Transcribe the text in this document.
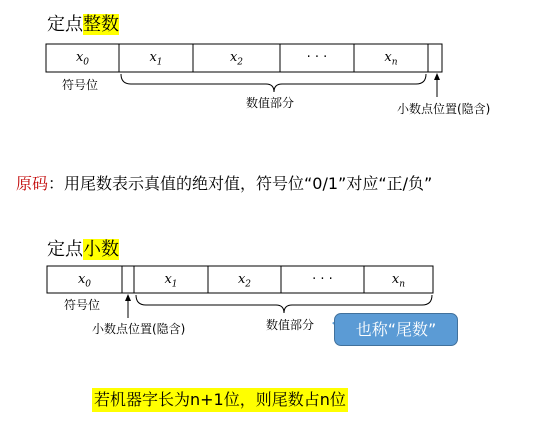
定点整数
$x_0$	$x_1$	$x_2$	· · ·	$x_n$
符号位
数值部分	小数点位置(隐含)
原码：用尾数表示真值的绝对值，符号位“0/1”对应“正/负”
定点小数
$x_0$	$x_1$	$x_2$	· · ·	$x_n$
符号位
小数点位置(隐含)	数值部分	也称“尾数”
若机器字长为n+1位，则尾数占n位
